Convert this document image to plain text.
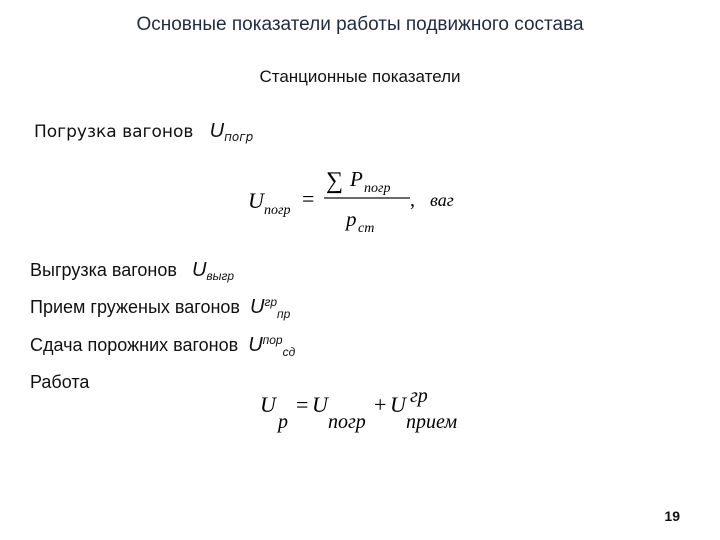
Основные показатели работы подвижного состава
Станционные показатели
Погрузка вагонов $U_{погр}$
U погр =
∑ P погр
p ст
, ваг
Выгрузка вагонов $U_{выгр}$
Прием груженых вагонов $U^{гр}_{пр}$
Сдача порожних вагонов $U^{пор}_{сд}$
Работа
U
р
= U
погр
+ U гр
прием
19
